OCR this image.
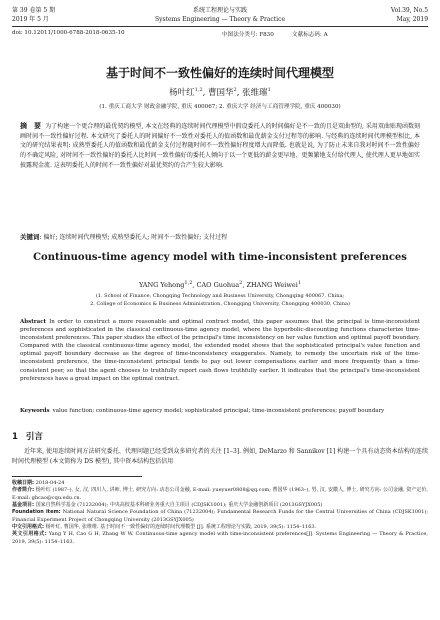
第 39 卷第 5 期	系统工程理论与实践	Vol.39, No.5
2019 年 5 月	Systems Engineering — Theory & Practice	May, 2019
doi: 10.12011/1000-6788-2018-0635-10	中图法分类号: F830	文献标志码: A
基于时间不一致性偏好的连续时间代理模型
杨叶红$^{1,2}$, 曹国华$^2$, 张维璀$^1$
(1. 重庆工商大学 财政金融学院, 重庆 400067; 2. 重庆大学 经济与工商管理学院, 重庆 400030)
摘　要 为了构建一个更合理的最优契约模型, 本文在经典的连续时间代理模型中假设委托人的时间偏好是不一致的且是双曲型的, 采用双曲贴现函数刻画时间不一致性偏好过程. 本文研究了委托人的时间偏好不一致性对委托人的值函数和最优薪金支付过程等的影响. 与经典的连续时间代理模型相比, 本文的研究结果表明: 成熟型委托人的值函数和最优薪金支付过程随时间不一致性偏好程度增大而降低. 也就是说, 为了防止未来自我对时间不一致性偏好的不确定风险, 对时间不一致性偏好的委托人比时间一致性偏好的委托人倾向于以一个更低的薪金更早地、更频繁地支付给代理人, 使代理人更早地如实披露现金流. 这表明委托人的时间不一致性偏好对最优契约的合产生较大影响.
关键词: 偏好; 连续时间代理模型; 成熟型委托人; 时间不一致性偏好; 支付过程
Continuous-time agency model with time-inconsistent preferences
YANG Yehong$^{1,2}$, CAO Guohua$^2$, ZHANG Weiwei$^1$
(1. School of Finance, Chongqing Technology and Business University, Chongqing 400067, China;
2. College of Economics & Business Administration, Chongqing University, Chongqing 400030, China)
Abstract In order to construct a more reasonable and optimal contract model, this paper assumes that the principal is time-inconsistent preferences and sophisticated in the classical continuous-time agency model, where the hyperbolic-discounting functions characterize time-inconsistent preferences. This paper studies the effect of the principal's time inconsistency on her value function and optimal payoff boundary. Compared with the classical continuous-time agency model, the extended model shows that the sophisticated principal's value function and optimal payoff boundary decrease as the degree of time-inconsistency exaggerates. Namely, to remedy the uncertain risk of the time-inconsistent preference, the time-inconsistent principal tends to pay out lower compensations earlier and more frequently than a time-consistent peer, so that the agent chooses to truthfully report cash flows truthfully earlier. It indicates that the principal's time-inconsistent preferences have a great impact on the optimal contract.
Keywords value function; continuous-time agency model; sophisticated principal; time-inconsistent preferences; payoff boundary
1 引言
近年来, 使用连续时间方法研究委托、代理问题已经受到众多研究者的关注 [1–3]. 例如, DeMarzo 和 Sannikov [1] 构建一个具有动态资本结构的连续时间代理模型 (本文简称为 DS 模型), 其中资本结构包括信用

收稿日期: 2018-04-24

作者简介: 杨叶红 (1987–), 女, 汉, 四川人, 讲师, 博士, 研究方向: 动态公司金融, E-mail: yueyuer0808@qq.com; 曹国华 (1963–), 男, 汉, 安徽人, 博士, 研究方向: 公司金融, 资产定价, E-mail: ghcao@cqu.edu.cn.

基金项目: 国家自然科学基金 (71232004); 中央高校基本科研业务重大自主项目 (CDJSK1001); 重庆大学金融创新项目 (2013GSYJX005)

Foundation item: National Natural Science Foundation of China (71232004); Fundamental Research Funds for the Central Universities of China (CDJSK1001); Financial Experiment Project of Chongqing University (2013GSYJX005)

中文引用格式: 杨叶红, 曹国华, 张维维. 基于时间不一致性偏好的连续时间代理模型 [J]. 系统工程理论与实践, 2019, 39(5): 1154–1163.

英文引用格式: Yang Y H, Cao G H, Zhang W W. Continuous-time agency model with time-inconsistent preferences[J]. Systems Engineering — Theory & Practice, 2019, 39(5): 1154–1163.
